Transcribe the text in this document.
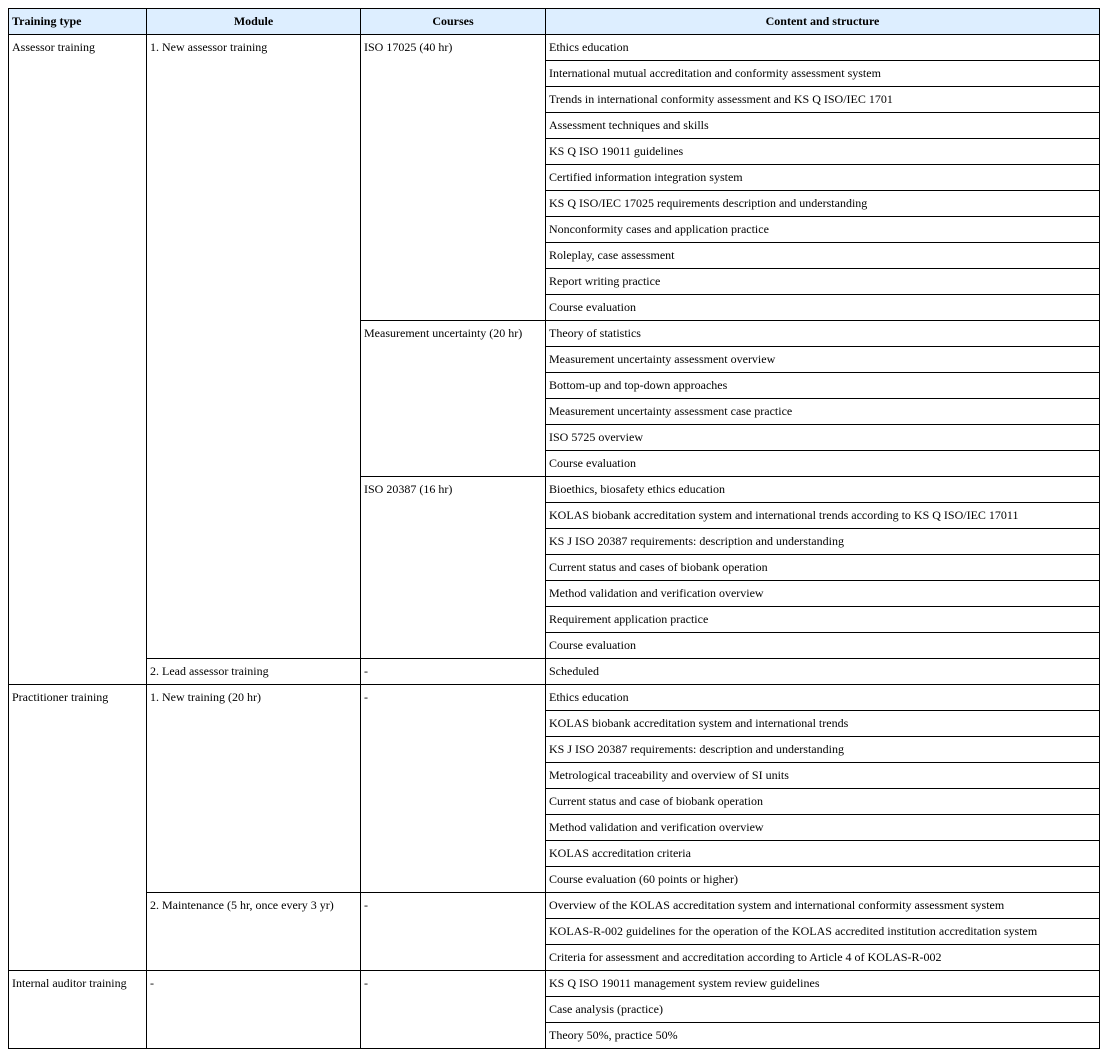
Training type	Module	Courses	Content and structure
Assessor training	1. New assessor training	ISO 17025 (40 hr)	Ethics education
			International mutual accreditation and conformity assessment system
			Trends in international conformity assessment and KS Q ISO/IEC 1701
			Assessment techniques and skills
			KS Q ISO 19011 guidelines
			Certified information integration system
			KS Q ISO/IEC 17025 requirements description and understanding
			Nonconformity cases and application practice
			Roleplay, case assessment
			Report writing practice
			Course evaluation
		Measurement uncertainty (20 hr)	Theory of statistics
			Measurement uncertainty assessment overview
			Bottom-up and top-down approaches
			Measurement uncertainty assessment case practice
			ISO 5725 overview
			Course evaluation
		ISO 20387 (16 hr)	Bioethics, biosafety ethics education
			KOLAS biobank accreditation system and international trends according to KS Q ISO/IEC 17011
			KS J ISO 20387 requirements: description and understanding
			Current status and cases of biobank operation
			Method validation and verification overview
			Requirement application practice
			Course evaluation
	2. Lead assessor training	-	Scheduled
Practitioner training	1. New training (20 hr)	-	Ethics education
			KOLAS biobank accreditation system and international trends
			KS J ISO 20387 requirements: description and understanding
			Metrological traceability and overview of SI units
			Current status and case of biobank operation
			Method validation and verification overview
			KOLAS accreditation criteria
			Course evaluation (60 points or higher)
	2. Maintenance (5 hr, once every 3 yr)	-	Overview of the KOLAS accreditation system and international conformity assessment system
			KOLAS-R-002 guidelines for the operation of the KOLAS accredited institution accreditation system
			Criteria for assessment and accreditation according to Article 4 of KOLAS-R-002
Internal auditor training	-	-	KS Q ISO 19011 management system review guidelines
			Case analysis (practice)
			Theory 50%, practice 50%
